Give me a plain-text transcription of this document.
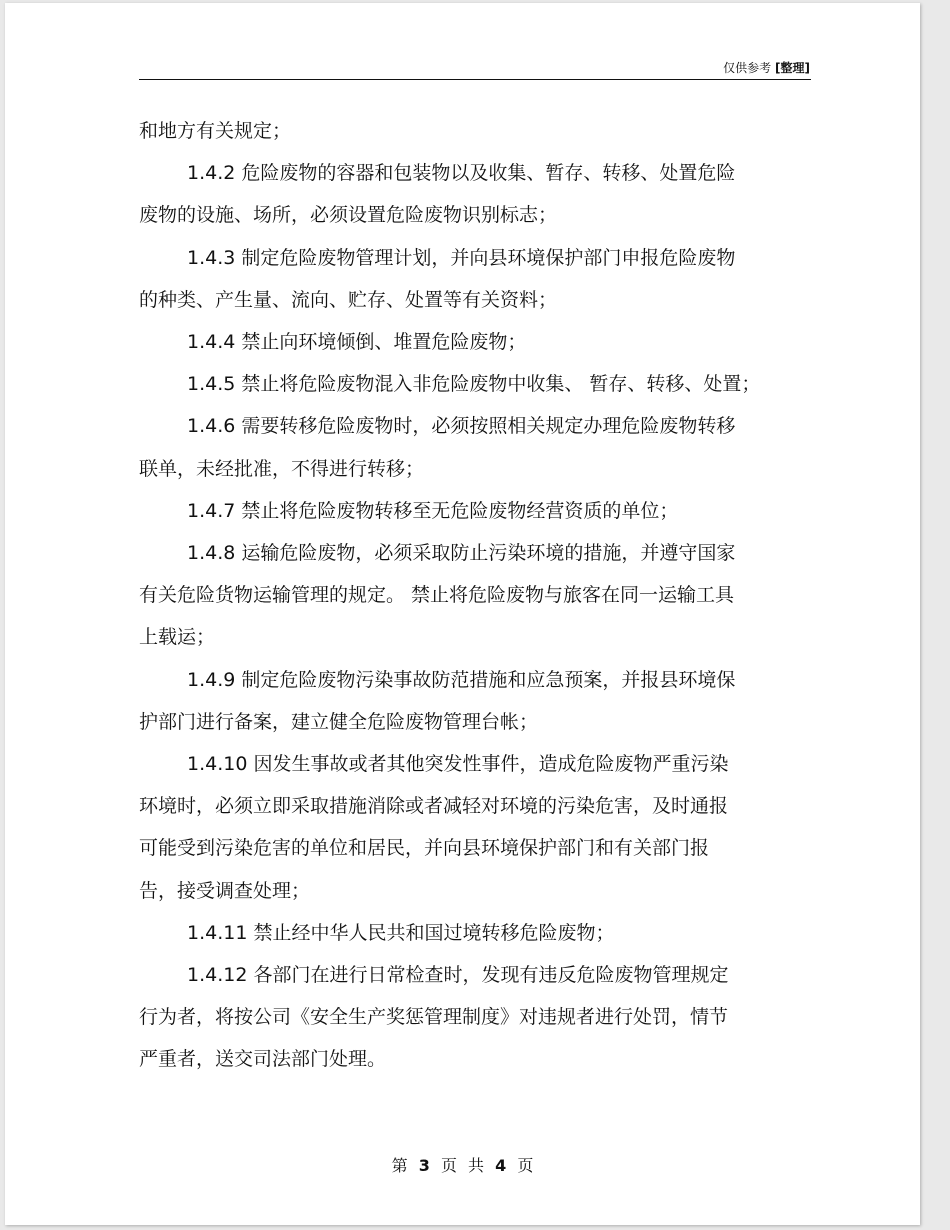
仅供参考 [整理]
和地方有关规定；
1.4.2 危险废物的容器和包装物以及收集、暂存、转移、处置危险
废物的设施、场所，必须设置危险废物识别标志；
1.4.3 制定危险废物管理计划，并向县环境保护部门申报危险废物
的种类、产生量、流向、贮存、处置等有关资料；
1.4.4 禁止向环境倾倒、堆置危险废物；
1.4.5 禁止将危险废物混入非危险废物中收集、 暂存、转移、处置；
1.4.6 需要转移危险废物时，必须按照相关规定办理危险废物转移
联单，未经批准，不得进行转移；
1.4.7 禁止将危险废物转移至无危险废物经营资质的单位；
1.4.8 运输危险废物，必须采取防止污染环境的措施，并遵守国家
有关危险货物运输管理的规定。 禁止将危险废物与旅客在同一运输工具
上载运；
1.4.9 制定危险废物污染事故防范措施和应急预案，并报县环境保
护部门进行备案，建立健全危险废物管理台帐；
1.4.10 因发生事故或者其他突发性事件，造成危险废物严重污染
环境时，必须立即采取措施消除或者减轻对环境的污染危害，及时通报
可能受到污染危害的单位和居民，并向县环境保护部门和有关部门报
告，接受调查处理；
1.4.11 禁止经中华人民共和国过境转移危险废物；
1.4.12 各部门在进行日常检查时，发现有违反危险废物管理规定
行为者，将按公司《安全生产奖惩管理制度》对违规者进行处罚，情节
严重者，送交司法部门处理。
第 3 页 共 4 页
